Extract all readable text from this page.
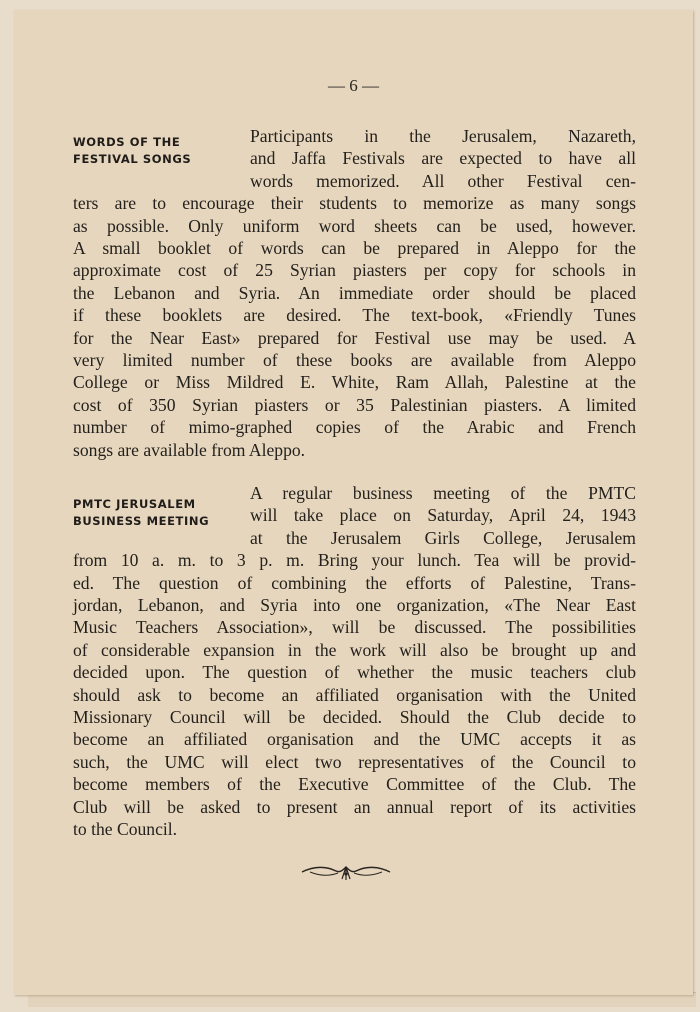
— 6 —
WORDS OF THE
FESTIVAL SONGS
Participants in the Jerusalem, Nazareth,
and Jaffa Festivals are expected to have all
words memorized. All other Festival cen-
ters are to encourage their students to memorize as many songs
as possible. Only uniform word sheets can be used, however.
A small booklet of words can be prepared in Aleppo for the
approximate cost of 25 Syrian piasters per copy for schools in
the Lebanon and Syria. An immediate order should be placed
if these booklets are desired. The text-book, «Friendly Tunes
for the Near East» prepared for Festival use may be used. A
very limited number of these books are available from Aleppo
College or Miss Mildred E. White, Ram Allah, Palestine at the
cost of 350 Syrian piasters or 35 Palestinian piasters. A limited
number of mimo-graphed copies of the Arabic and French
songs are available from Aleppo.
PMTC JERUSALEM
BUSINESS MEETING
A regular business meeting of the PMTC
will take place on Saturday, April 24, 1943
at the Jerusalem Girls College, Jerusalem
from 10 a. m. to 3 p. m. Bring your lunch. Tea will be provid-
ed. The question of combining the efforts of Palestine, Trans-
jordan, Lebanon, and Syria into one organization, «The Near East
Music Teachers Association», will be discussed. The possibilities
of considerable expansion in the work will also be brought up and
decided upon. The question of whether the music teachers club
should ask to become an affiliated organisation with the United
Missionary Council will be decided. Should the Club decide to
become an affiliated organisation and the UMC accepts it as
such, the UMC will elect two representatives of the Council to
become members of the Executive Committee of the Club. The
Club will be asked to present an annual report of its activities
to the Council.
